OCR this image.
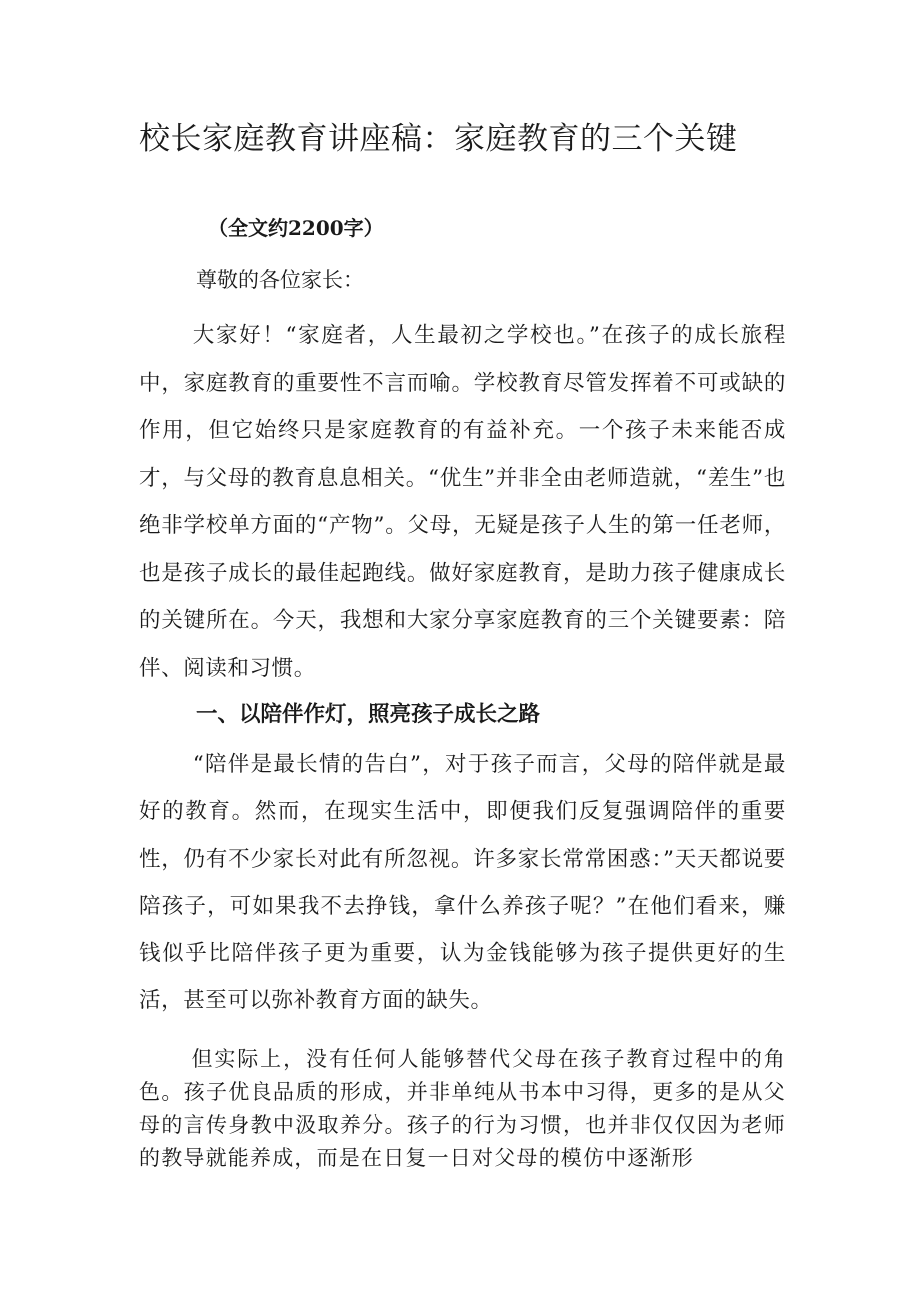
校长家庭教育讲座稿：家庭教育的三个关键
（全文约2200字）
尊敬的各位家长：

大家好！“家庭者，人生最初之学校也。”在孩子的成长旅程中，家庭教育的重要性不言而喻。学校教育尽管发挥着不可或缺的作用，但它始终只是家庭教育的有益补充。一个孩子未来能否成才，与父母的教育息息相关。“优生”并非全由老师造就，“差生”也绝非学校单方面的“产物”。父母，无疑是孩子人生的第一任老师，也是孩子成长的最佳起跑线。做好家庭教育，是助力孩子健康成长的关键所在。今天，我想和大家分享家庭教育的三个关键要素：陪伴、阅读和习惯。

一、以陪伴作灯，照亮孩子成长之路

“陪伴是最长情的告白”，对于孩子而言，父母的陪伴就是最好的教育。然而，在现实生活中，即便我们反复强调陪伴的重要性，仍有不少家长对此有所忽视。许多家长常常困惑：”天天都说要陪孩子，可如果我不去挣钱，拿什么养孩子呢？”在他们看来，赚钱似乎比陪伴孩子更为重要，认为金钱能够为孩子提供更好的生活，甚至可以弥补教育方面的缺失。

但实际上，没有任何人能够替代父母在孩子教育过程中的角色。孩子优良品质的形成，并非单纯从书本中习得，更多的是从父母的言传身教中汲取养分。孩子的行为习惯，也并非仅仅因为老师的教导就能养成，而是在日复一日对父母的模仿中逐渐形
